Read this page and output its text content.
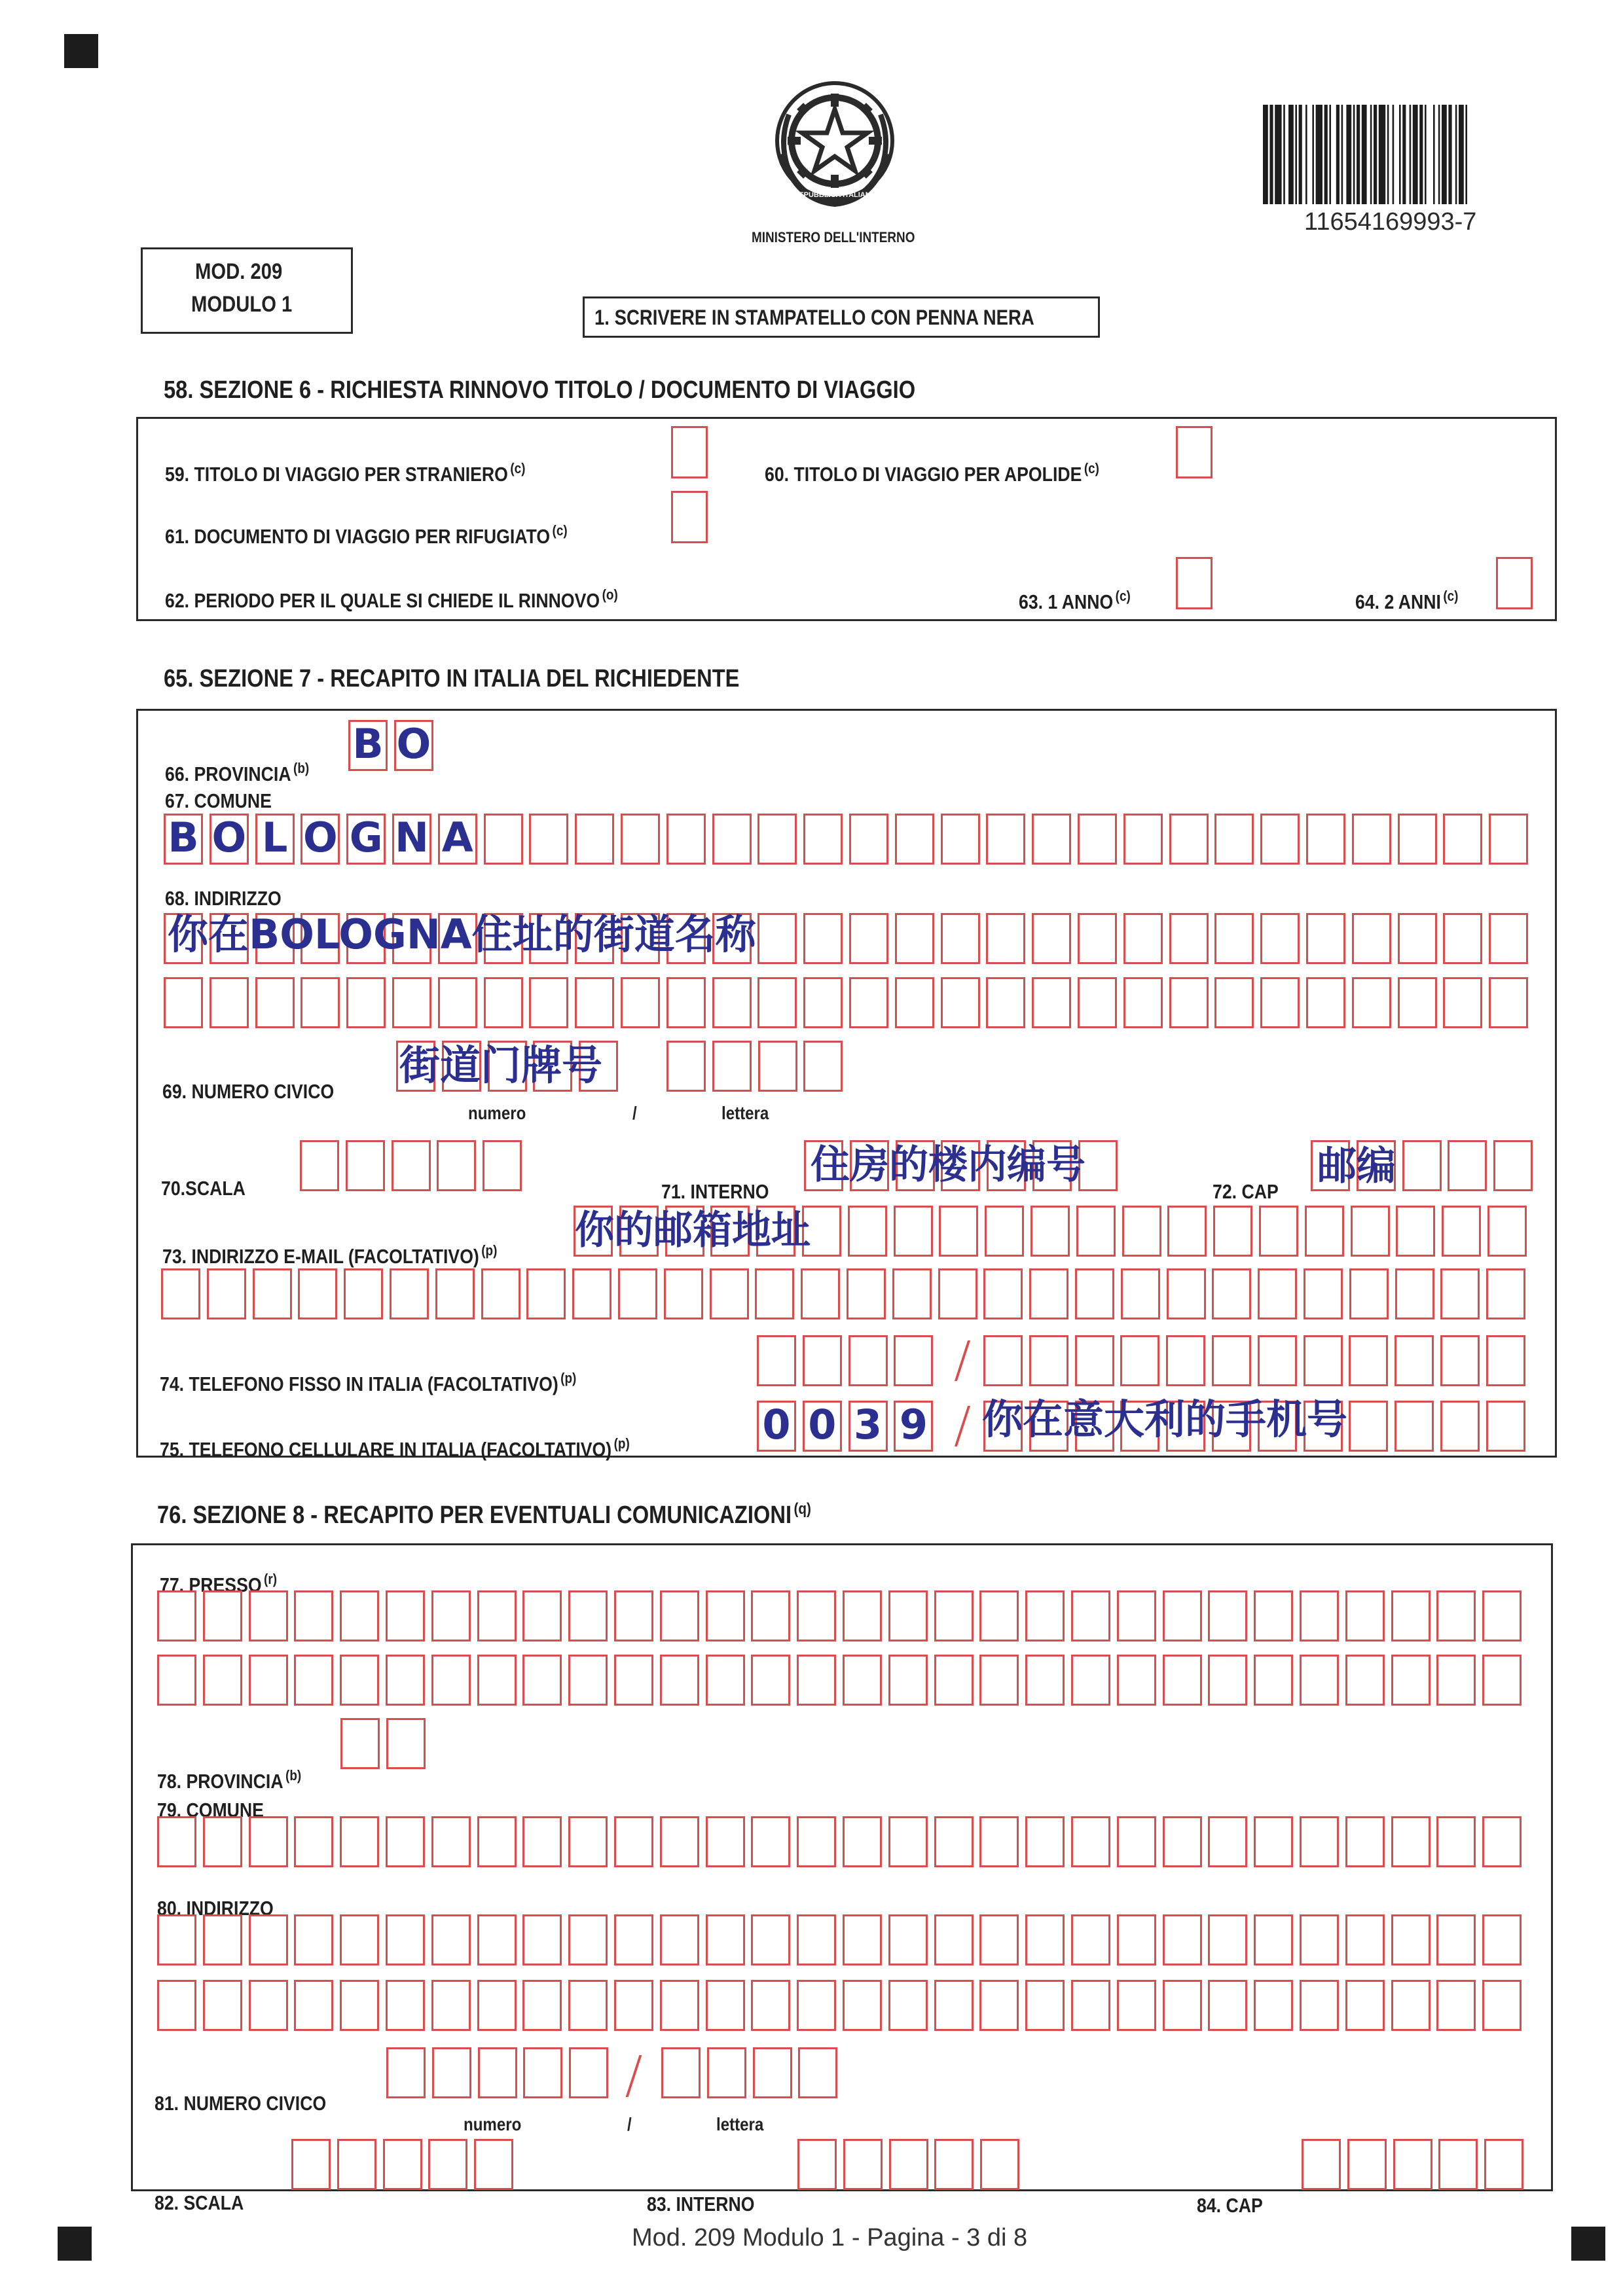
REPUBBLICA ITALIANA
MINISTERO DELL'INTERNO
11654169993-7
MOD. 209
MODULO 1
1. SCRIVERE IN STAMPATELLO CON PENNA NERA
58. SEZIONE 6 - RICHIESTA RINNOVO TITOLO / DOCUMENTO DI VIAGGIO
59. TITOLO DI VIAGGIO PER STRANIERO $^{(c)}$	60. TITOLO DI VIAGGIO PER APOLIDE $^{(c)}$
61. DOCUMENTO DI VIAGGIO PER RIFUGIATO $^{(c)}$
62. PERIODO PER IL QUALE SI CHIEDE IL RINNOVO $^{(o)}$	63. 1 ANNO $^{(c)}$	64. 2 ANNI $^{(c)}$
65. SEZIONE 7 - RECAPITO IN ITALIA DEL RICHIEDENTE
66. PROVINCIA $^{(b)}$
B O
67. COMUNE
B O L O G N A
68. INDIRIZZO
你在BOLOGNA住址的街道名称
69. NUMERO CIVICO
街道门牌号
numero	/	lettera
70.SCALA	71. INTERNO
住房的楼内编号
72. CAP
邮编
73. INDIRIZZO E-MAIL (FACOLTATIVO) $^{(p)}$ 你的邮箱地址
74. TELEFONO FISSO IN ITALIA (FACOLTATIVO) $^{(p)}$
75. TELEFONO CELLULARE IN ITALIA (FACOLTATIVO) $^{(p)}$	0 0 3 9 你在意大利的手机号
76. SEZIONE 8 - RECAPITO PER EVENTUALI COMUNICAZIONI $^{(q)}$
77. PRESSO $^{(r)}$
78. PROVINCIA $^{(b)}$
79. COMUNE
80. INDIRIZZO
81. NUMERO CIVICO
numero	/	lettera
82. SCALA	83. INTERNO	84. CAP
Mod. 209 Modulo 1 - Pagina - 3 di 8
